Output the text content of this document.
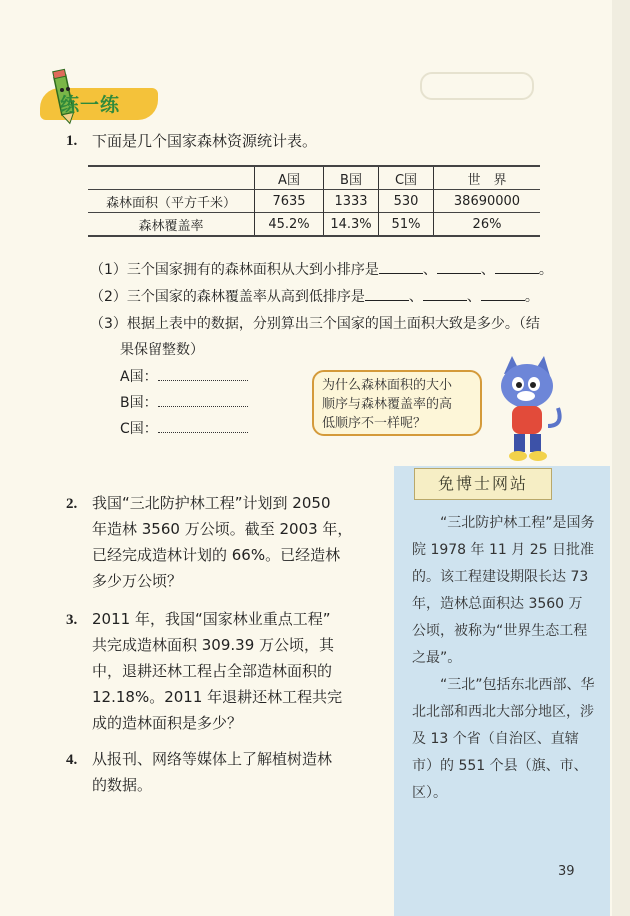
练一练
1. 下面是几个国家森林资源统计表。
	A国	B国	C国	世　界
森林面积（平方千米）	7635	1333	530	38690000
森林覆盖率	45.2%	14.3%	51%	26%
（1）三个国家拥有的森林面积从大到小排序是	、	、	。
（2）三个国家的森林覆盖率从高到低排序是	、	、	。
（3）根据上表中的数据，分别算出三个国家的国土面积大致是多少。（结
果保留整数）
A国：
B国：
C国：
为什么森林面积的大小
顺序与森林覆盖率的高
低顺序不一样呢？
2. 我国“三北防护林工程”计划到 2050
年造林 3560 万公顷。截至 2003 年，
已经完成造林计划的 66%。已经造林
多少万公顷？
3. 2011 年，我国“国家林业重点工程”
共完成造林面积 309.39 万公顷，其
中，退耕还林工程占全部造林面积的
12.18%。2011 年退耕还林工程共完
成的造林面积是多少？
4. 从报刊、网络等媒体上了解植树造林
的数据。
免博士网站

“三北防护林工程”是国务院 1978 年 11 月 25 日批准的。该工程建设期限长达 73 年，造林总面积达 3560 万公顷，被称为“世界生态工程之最”。

“三北”包括东北西部、华北北部和西北大部分地区，涉及 13 个省（自治区、直辖市）的 551 个县（旗、市、区）。

39
